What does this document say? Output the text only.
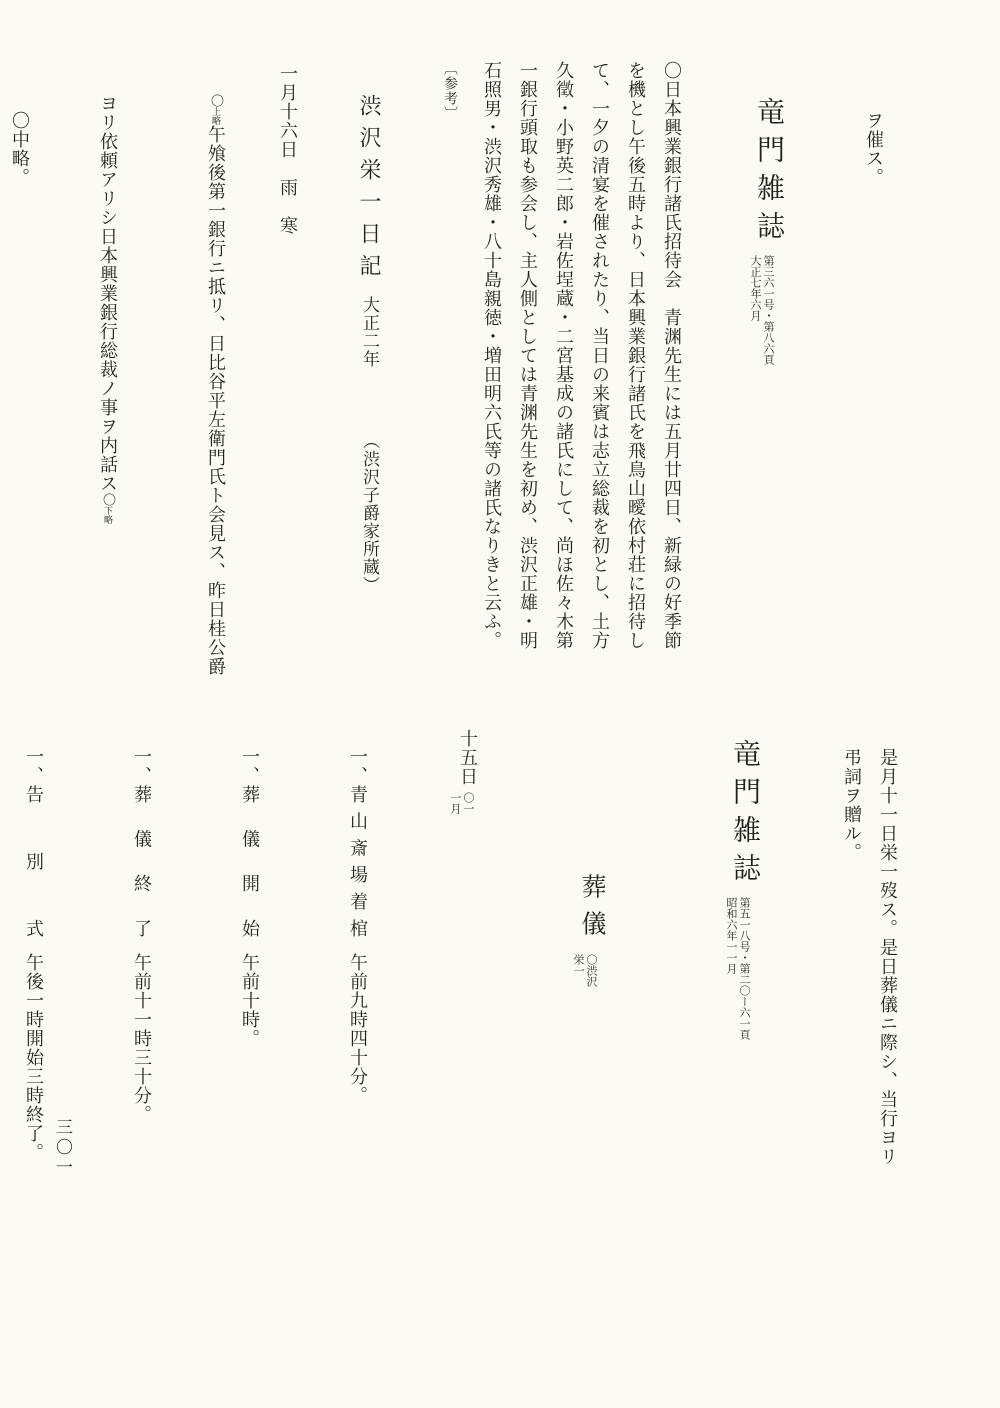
ヲ催ス。

竜門雑誌
第三六一号・第八六頁
大正七年六月

〇日本興業銀行諸氏招待会　青渊先生には五月廿四日、新緑の好季節
を機とし午後五時より、日本興業銀行諸氏を飛鳥山曖依村荘に招待し
て、一夕の清宴を催されたり、当日の来賓は志立総裁を初とし、土方
久徵・小野英二郎・岩佐埕蔵・二宮基成の諸氏にして、尚ほ佐々木第
一銀行頭取も参会し、主人側としては青渊先生を初め、渋沢正雄・明
石照男・渋沢秀雄・八十島親徳・増田明六氏等の諸氏なりきと云ふ。
〔参考〕

渋沢栄一日記大正二年（渋沢子爵家所蔵）

一月十六日　雨　寒

〇上略午飧後第一銀行ニ抵リ、日比谷平左衛門氏ト会見ス、昨日桂公爵

ヨリ依頼アリシ日本興業銀行総裁ノ事ヲ内話ス〇下略

〇中略。

是月十一日栄一歿ス。是日葬儀ニ際シ、当行ヨリ
弔詞ヲ贈ル。

竜門雑誌
第五一八号・第二〇ー六一頁
昭和六年一一月

葬儀
〇渋沢
栄一

十五日
〇一
一月

一、青山斎場着棺午前九時四十分。

一、葬儀開始午前十時。

一、葬儀終了午前十一時三十分。

一、告別式午後一時開始三時終了。

三〇一
